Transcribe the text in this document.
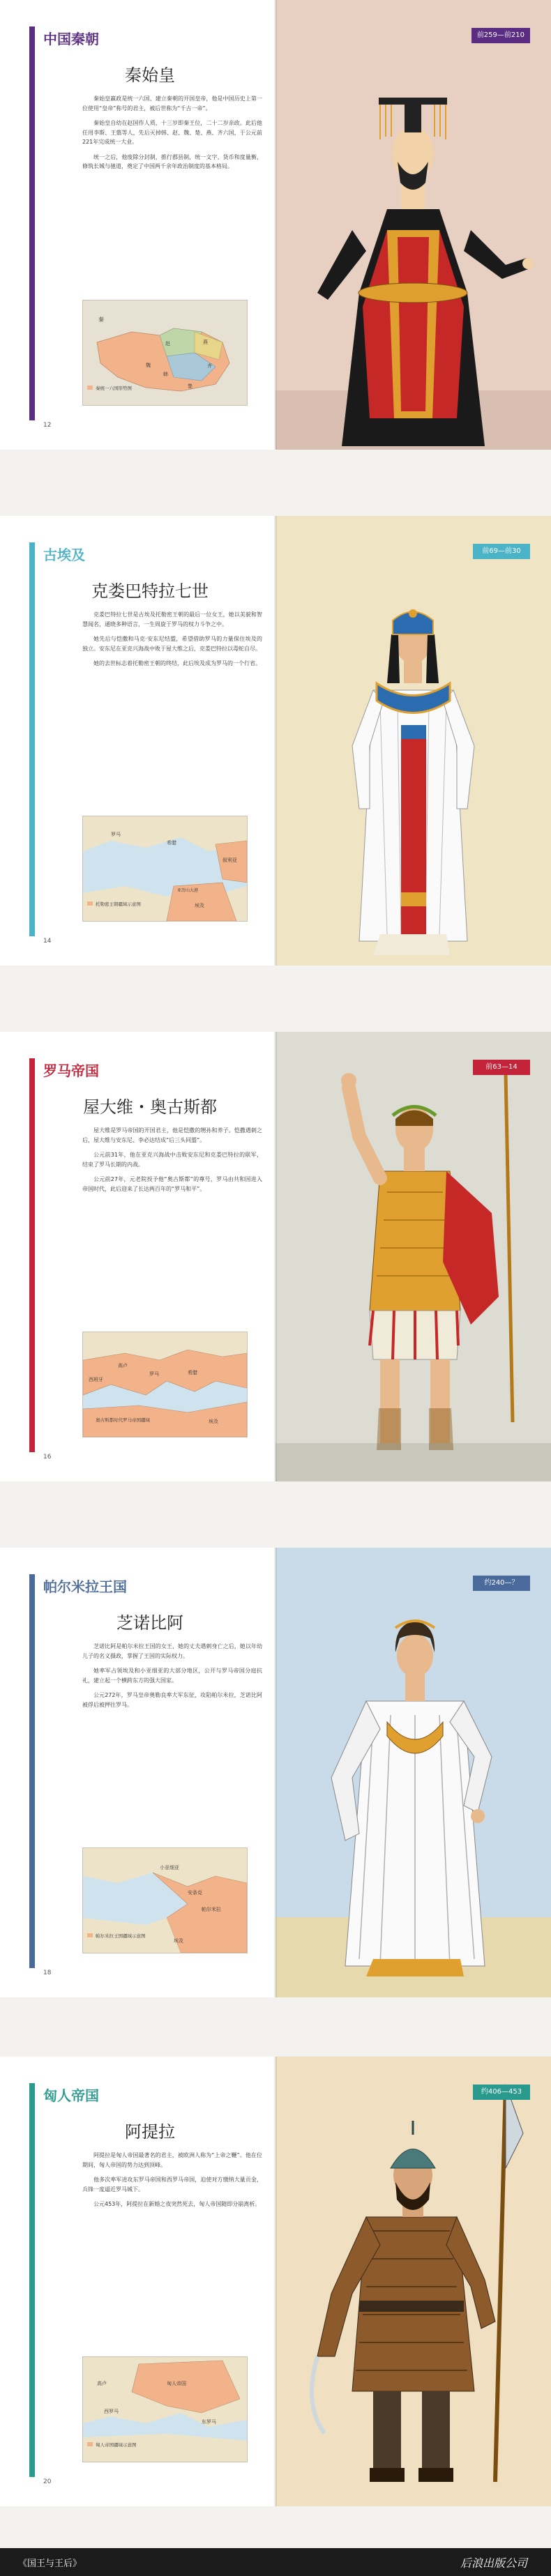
中国秦朝
秦始皇

秦始皇嬴政是统一六国、建立秦朝的开国皇帝，他是中国历史上第一位使用“皇帝”称号的君主，被后世称为“千古一帝”。

秦始皇自幼在赵国作人质，十三岁即秦王位，二十二岁亲政。此后他任用李斯、王翦等人，先后灭掉韩、赵、魏、楚、燕、齐六国，于公元前221年完成统一大业。

统一之后，他废除分封制，推行郡县制，统一文字、货币和度量衡，修筑长城与驰道，奠定了中国两千余年政治制度的基本格局。

秦
赵
魏
韩
楚
燕
齐
秦统一六国形势图
12
前259—前210
古埃及
克娄巴特拉七世

克娄巴特拉七世是古埃及托勒密王朝的最后一位女王，她以美貌和智慧闻名，通晓多种语言，一生周旋于罗马的权力斗争之中。

她先后与恺撒和马克·安东尼结盟，希望借助罗马的力量保住埃及的独立。安东尼在亚克兴海战中败于屋大维之后，克娄巴特拉以毒蛇自尽。

她的去世标志着托勒密王朝的终结，此后埃及成为罗马的一个行省。

罗马
希腊
埃及
亚历山大港
叙利亚
托勒密王朝疆域示意图
14
前69—前30
罗马帝国
屋大维・奥古斯都

屋大维是罗马帝国的开国君主，他是恺撒的甥孙和养子。恺撒遇刺之后，屋大维与安东尼、李必达结成“后三头同盟”。

公元前31年，他在亚克兴海战中击败安东尼和克娄巴特拉的联军，结束了罗马长期的内战。

公元前27年，元老院授予他“奥古斯都”的尊号，罗马由共和国进入帝国时代，此后迎来了长达两百年的“罗马和平”。

罗马
高卢
西班牙
希腊
埃及
奥古斯都时代罗马帝国疆域
16
前63—14
帕尔米拉王国
芝诺比阿

芝诺比阿是帕尔米拉王国的女王，她的丈夫遇刺身亡之后，她以年幼儿子的名义摄政，掌握了王国的实际权力。

她率军占领埃及和小亚细亚的大部分地区，公开与罗马帝国分庭抗礼，建立起一个横跨东方的强大国家。

公元272年，罗马皇帝奥勒良率大军东征，攻陷帕尔米拉，芝诺比阿被俘后被押往罗马。

帕尔米拉
埃及
安条克
小亚细亚
帕尔米拉王国疆域示意图
18
约240—？
匈人帝国
阿提拉

阿提拉是匈人帝国最著名的君主，被欧洲人称为“上帝之鞭”。他在位期间，匈人帝国的势力达到顶峰。

他多次率军进攻东罗马帝国和西罗马帝国，迫使对方缴纳大量贡金，兵锋一度逼近罗马城下。

公元453年，阿提拉在新婚之夜突然死去，匈人帝国随即分崩离析。

匈人帝国
西罗马
东罗马
高卢
匈人帝国疆域示意图
20
约406—453
《国王与王后》	后浪出版公司
